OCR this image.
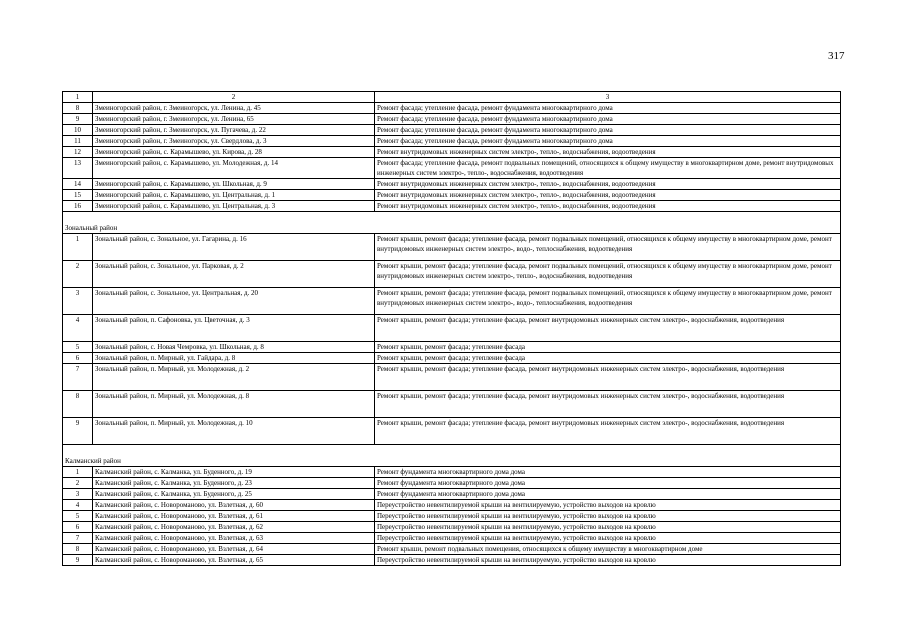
317
1	2	3
8	Змеиногорский район, г. Змеиногорск, ул. Ленина, д. 45	Ремонт фасада; утепление фасада, ремонт фундамента многоквартирного дома
9	Змеиногорский район, г. Змеиногорск, ул. Ленина, 65	Ремонт фасада; утепление фасада, ремонт фундамента многоквартирного дома
10	Змеиногорский район, г. Змеиногорск, ул. Пугачева, д. 22	Ремонт фасада; утепление фасада, ремонт фундамента многоквартирного дома
11	Змеиногорский район, г. Змеиногорск, ул. Свердлова, д. 3	Ремонт фасада; утепление фасада, ремонт фундамента многоквартирного дома
12	Змеиногорский район, с. Карамышево, ул. Кирова, д. 28	Ремонт внутридомовых инженерных систем электро-, тепло-, водоснабжения, водоотведения
13	Змеиногорский район, с. Карамышево, ул. Молодежная, д. 14	Ремонт фасада; утепление фасада, ремонт подвальных помещений, относящихся к общему имуществу в многоквартирном доме, ремонт внутридомовых инженерных систем электро-, тепло-, водоснабжения, водоотведения
14	Змеиногорский район, с. Карамышево, ул. Школьная, д. 9	Ремонт внутридомовых инженерных систем электро-, тепло-, водоснабжения, водоотведения
15	Змеиногорский район, с. Карамышево, ул. Центральная, д. 1	Ремонт внутридомовых инженерных систем электро-, тепло-, водоснабжения, водоотведения
16	Змеиногорский район, с. Карамышево, ул. Центральная, д. 3	Ремонт внутридомовых инженерных систем электро-, тепло-, водоснабжения, водоотведения
Зональный район		
1	Зональный район, с. Зональное, ул. Гагарина, д. 16	Ремонт крыши, ремонт фасада; утепление фасада, ремонт подвальных помещений, относящихся к общему имуществу в многоквартирном доме, ремонт внутридомовых инженерных систем электро-, водо-, теплоснабжения, водоотведения
2	Зональный район, с. Зональное, ул. Парковая, д. 2	Ремонт крыши, ремонт фасада; утепление фасада, ремонт подвальных помещений, относящихся к общему имуществу в многоквартирном доме, ремонт внутридомовых инженерных систем электро-, тепло-, водоснабжения, водоотведения
3	Зональный район, с. Зональное, ул. Центральная, д. 20	Ремонт крыши, ремонт фасада; утепление фасада, ремонт подвальных помещений, относящихся к общему имуществу в многоквартирном доме, ремонт внутридомовых инженерных систем электро-, водо-, теплоснабжения, водоотведения
4	Зональный район, п. Сафоновка, ул. Цветочная, д. 3	Ремонт крыши, ремонт фасада; утепление фасада, ремонт внутридомовых инженерных систем электро-, водоснабжения, водоотведения
5	Зональный район, с. Новая Чемровка, ул. Школьная, д. 8	Ремонт крыши, ремонт фасада; утепление фасада
6	Зональный район, п. Мирный, ул. Гайдара, д. 8	Ремонт крыши, ремонт фасада; утепление фасада
7	Зональный район, п. Мирный, ул. Молодежная, д. 2	Ремонт крыши, ремонт фасада; утепление фасада, ремонт внутридомовых инженерных систем электро-, водоснабжения, водоотведения
8	Зональный район, п. Мирный, ул. Молодежная, д. 8	Ремонт крыши, ремонт фасада; утепление фасада, ремонт внутридомовых инженерных систем электро-, водоснабжения, водоотведения
9	Зональный район, п. Мирный, ул. Молодежная, д. 10	Ремонт крыши, ремонт фасада; утепление фасада, ремонт внутридомовых инженерных систем электро-, водоснабжения, водоотведения
Калманский район		
1	Калманский район, с. Калманка, ул. Буденного, д. 19	Ремонт фундамента многоквартирного дома дома
2	Калманский район, с. Калманка, ул. Буденного, д. 23	Ремонт фундамента многоквартирного дома дома
3	Калманский район, с. Калманка, ул. Буденного, д. 25	Ремонт фундамента многоквартирного дома дома
4	Калманский район, с. Новороманово, ул. Взлетная, д. 60	Переустройство невентилируемой крыши на вентилируемую, устройство выходов на кровлю
5	Калманский район, с. Новороманово, ул. Взлетная, д. 61	Переустройство невентилируемой крыши на вентилируемую, устройство выходов на кровлю
6	Калманский район, с. Новороманово, ул. Взлетная, д. 62	Переустройство невентилируемой крыши на вентилируемую, устройство выходов на кровлю
7	Калманский район, с. Новороманово, ул. Взлетная, д. 63	Переустройство невентилируемой крыши на вентилируемую, устройство выходов на кровлю
8	Калманский район, с. Новороманово, ул. Взлетная, д. 64	Ремонт крыши, ремонт подвальных помещения, относящихся к общему имуществу в многоквартирном доме
9	Калманский район, с. Новороманово, ул. Взлетная, д. 65	Переустройство невентилируемой крыши на вентилируемую, устройство выходов на кровлю
